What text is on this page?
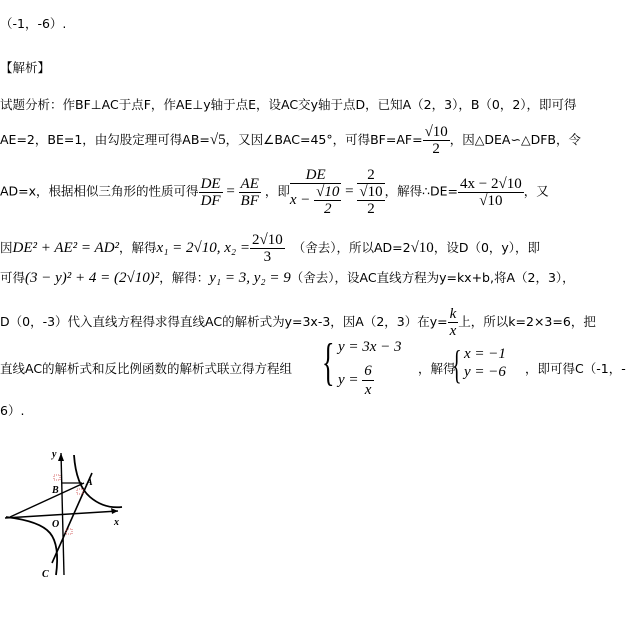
（-1，-6）.
【解析】
试题分析：作BF⊥AC于点F，作AE⊥y轴于点E，设AC交y轴于点D，已知A（2，3），B（0，2），即可得
AE=2，BE=1，由勾股定理可得AB=√5，又因∠BAC=45°，可得$BF=AF= \frac{√10}{2}$ ，因△DEA∽△DFB，令
AD=x，根据相似三角形的性质可得 $\frac{DE}{DF} = \frac{AE}{BF}$ ，即 $\frac{DE}{x - \frac{√10}{2}} = 2$
√10
2 ，解得∴DE= $\frac{4x - 2√10}{√10}$ ，又
因DE² + AE² = AD²，解得x₁ = 2√10, $x_2 = \frac{2√10}{3}$ （舍去），所以AD=2√10，设D（0，y），即
可得(3 − y)² + 4 = (2√10)²，解得：y₁ = 3, y₂ = 9（舍去），设AC直线方程为y=kx+b,将A（2，3），
D（0，-3）代入直线方程得求得直线AC的解析式为y=3x-3，因A（2，3）在$y= \frac{k}{x}$ 上，所以k=2×3=6，把
直线AC的解析式和反比例函数的解析式联立得方程组 { y = 3x − 3
$y = \frac{6}{x}$	，解得
{ x = −1
y = −6 ，即可得C（-1，-
6）.
y
x
O
A
B
C
